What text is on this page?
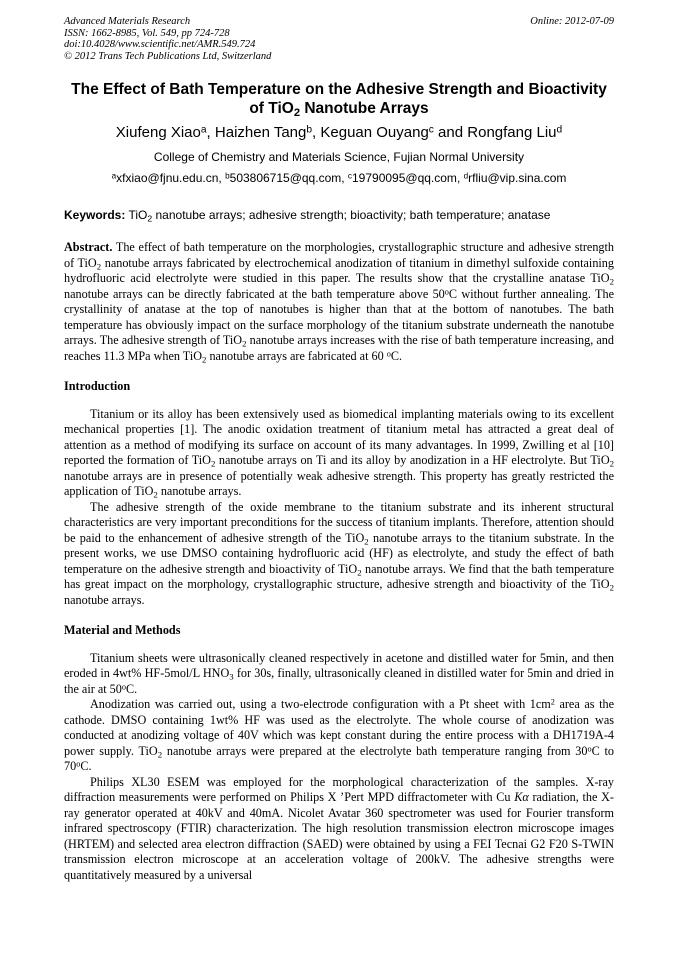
Advanced Materials Research
ISSN: 1662-8985, Vol. 549, pp 724-728
doi:10.4028/www.scientific.net/AMR.549.724
© 2012 Trans Tech Publications Ltd, Switzerland
Online: 2012-07-09
The Effect of Bath Temperature on the Adhesive Strength and Bioactivity
of TiO$_2$ Nanotube Arrays
Xiufeng Xiao$^a$, Haizhen Tang$^b$, Keguan Ouyang$^c$ and Rongfang Liu$^d$
College of Chemistry and Materials Science, Fujian Normal University
$^a$xfxiao@fjnu.edu.cn, $^b$503806715@qq.com, $^c$19790095@qq.com, $^d$rfliu@vip.sina.com
Keywords: TiO$_2$ nanotube arrays; adhesive strength; bioactivity; bath temperature; anatase

Abstract. The effect of bath temperature on the morphologies, crystallographic structure and adhesive strength of TiO$_2$ nanotube arrays fabricated by electrochemical anodization of titanium in dimethyl sulfoxide containing hydrofluoric acid electrolyte were studied in this paper. The results show that the crystalline anatase TiO$_2$ nanotube arrays can be directly fabricated at the bath temperature above 50$^o$C without further annealing. The crystallinity of anatase at the top of nanotubes is higher than that at the bottom of nanotubes. The bath temperature has obviously impact on the surface morphology of the titanium substrate underneath the nanotube arrays. The adhesive strength of TiO$_2$ nanotube arrays increases with the rise of bath temperature increasing, and reaches 11.3 MPa when TiO$_2$ nanotube arrays are fabricated at 60 $^o$C.

Introduction

Titanium or its alloy has been extensively used as biomedical implanting materials owing to its excellent mechanical properties [1]. The anodic oxidation treatment of titanium metal has attracted a great deal of attention as a method of modifying its surface on account of its many advantages. In 1999, Zwilling et al [10] reported the formation of TiO$_2$ nanotube arrays on Ti and its alloy by anodization in a HF electrolyte. But TiO$_2$ nanotube arrays are in presence of potentially weak adhesive strength. This property has greatly restricted the application of TiO$_2$ nanotube arrays.

The adhesive strength of the oxide membrane to the titanium substrate and its inherent structural characteristics are very important preconditions for the success of titanium implants. Therefore, attention should be paid to the enhancement of adhesive strength of the TiO$_2$ nanotube arrays to the titanium substrate. In the present works, we use DMSO containing hydrofluoric acid (HF) as electrolyte, and study the effect of bath temperature on the adhesive strength and bioactivity of TiO$_2$ nanotube arrays. We find that the bath temperature has great impact on the morphology, crystallographic structure, adhesive strength and bioactivity of the TiO$_2$ nanotube arrays.

Material and Methods

Titanium sheets were ultrasonically cleaned respectively in acetone and distilled water for 5min, and then eroded in 4wt% HF-5mol/L $HNO_3$ for 30s, finally, ultrasonically cleaned in distilled water for 5min and dried in the air at 50$^o$C.

Anodization was carried out, using a two-electrode configuration with a Pt sheet with $1cm^2$ area as the cathode. DMSO containing 1wt% HF was used as the electrolyte. The whole course of anodization was conducted at anodizing voltage of 40V which was kept constant during the entire process with a DH1719A-4 power supply. TiO$_2$ nanotube arrays were prepared at the electrolyte bath temperature ranging from 30$^o$C to 70$^o$C.

Philips XL30 ESEM was employed for the morphological characterization of the samples. X-ray diffraction measurements were performed on Philips X ’Pert MPD diffractometer with Cu Kα radiation, the X-ray generator operated at 40kV and 40mA. Nicolet Avatar 360 spectrometer was used for Fourier transform infrared spectroscopy (FTIR) characterization. The high resolution transmission electron microscope images (HRTEM) and selected area electron diffraction (SAED) were obtained by using a FEI Tecnai G2 F20 S-TWIN transmission electron microscope at an acceleration voltage of 200kV. The adhesive strengths were quantitatively measured by a universal
